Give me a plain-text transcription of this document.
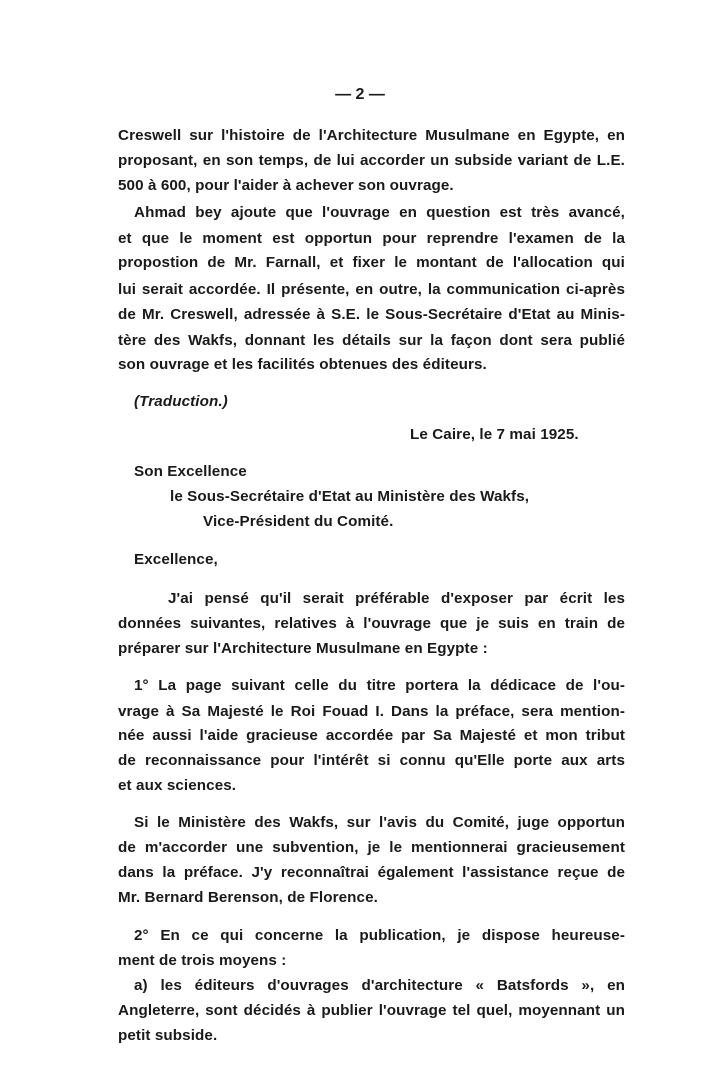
— 2 —
Creswell sur l'histoire de l'Architecture Musulmane en Egypte, en
proposant, en son temps, de lui accorder un subside variant de L.E.
500 à 600, pour l'aider à achever son ouvrage.
Ahmad bey ajoute que l'ouvrage en question est très avancé,
et que le moment est opportun pour reprendre l'examen de la
propostion de Mr. Farnall, et fixer le montant de l'allocation qui
lui serait accordée. Il présente, en outre, la communication ci-après
de Mr. Creswell, adressée à S.E. le Sous-Secrétaire d'Etat au Minis-
tère des Wakfs, donnant les détails sur la façon dont sera publié
son ouvrage et les facilités obtenues des éditeurs.
(Traduction.)
Le Caire, le 7 mai 1925.
Son Excellence
le Sous-Secrétaire d'Etat au Ministère des Wakfs,
Vice-Président du Comité.
Excellence,
J'ai pensé qu'il serait préférable d'exposer par écrit les
données suivantes, relatives à l'ouvrage que je suis en train de
préparer sur l'Architecture Musulmane en Egypte :
1° La page suivant celle du titre portera la dédicace de l'ou-
vrage à Sa Majesté le Roi Fouad I. Dans la préface, sera mention-
née aussi l'aide gracieuse accordée par Sa Majesté et mon tribut
de reconnaissance pour l'intérêt si connu qu'Elle porte aux arts
et aux sciences.
Si le Ministère des Wakfs, sur l'avis du Comité, juge opportun
de m'accorder une subvention, je le mentionnerai gracieusement
dans la préface. J'y reconnaîtrai également l'assistance reçue de
Mr. Bernard Berenson, de Florence.
2° En ce qui concerne la publication, je dispose heureuse-
ment de trois moyens :
a) les éditeurs d'ouvrages d'architecture « Batsfords », en
Angleterre, sont décidés à publier l'ouvrage tel quel, moyennant un
petit subside.
